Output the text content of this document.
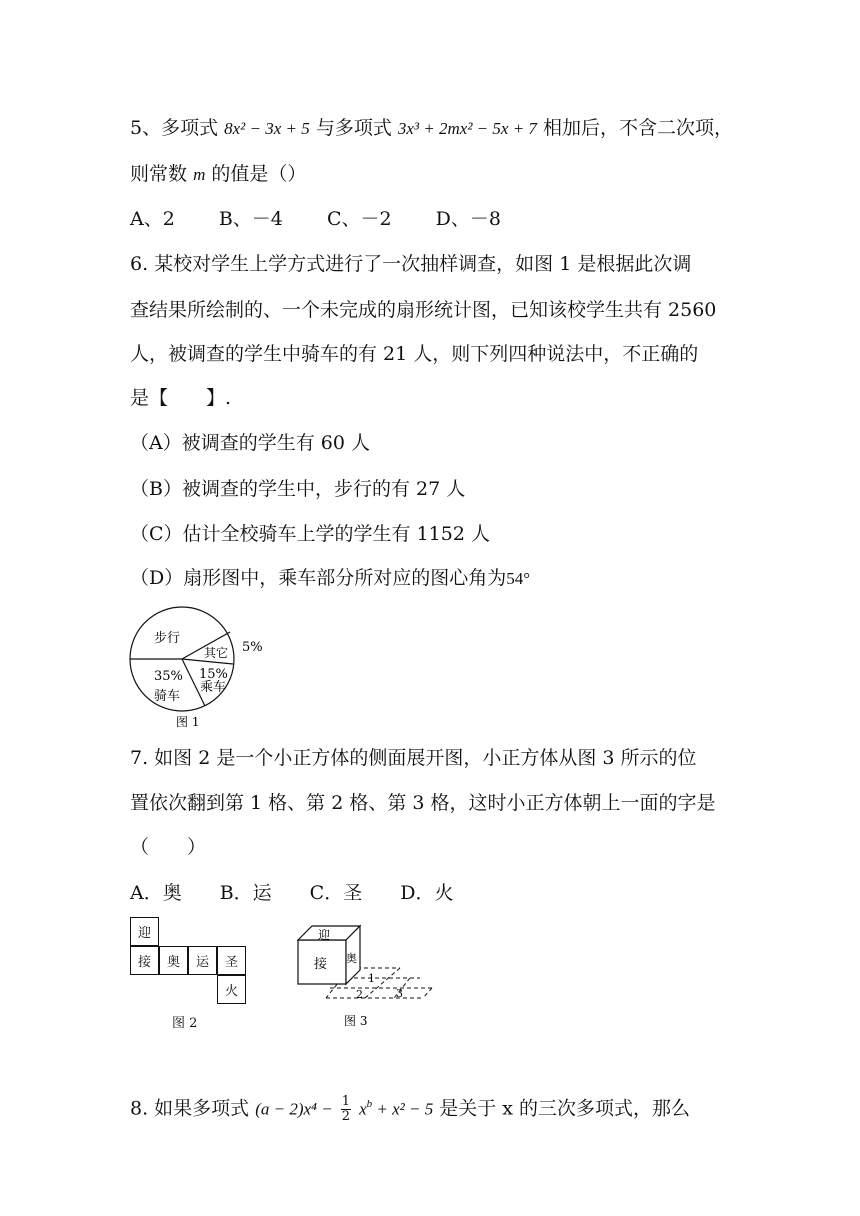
5、多项式 8x² − 3x + 5 与多项式 3x³ + 2mx² − 5x + 7 相加后，不含二次项，
则常数 m 的值是（）
A、2　　 B、－4　　 C、－2　　 D、－8
6. 某校对学生上学方式进行了一次抽样调查，如图 1 是根据此次调
查结果所绘制的、一个未完成的扇形统计图，已知该校学生共有 2560
人，被调查的学生中骑车的有 21 人，则下列四种说法中，不正确的
是【　　】.
（A）被调查的学生有 60 人
（B）被调查的学生中，步行的有 27 人
（C）估计全校骑车上学的学生有 1152 人
（D）扇形图中，乘车部分所对应的图心角为54°
步行
其它 5%
35%
骑车
15%
乘车
图 1
7. 如图 2 是一个小正方体的侧面展开图，小正方体从图 3 所示的位
置依次翻到第 1 格、第 2 格、第 3 格，这时小正方体朝上一面的字是
（　　）
A．奥　　B．运　　C．圣　　D．火
迎
接	奥	运	圣
火
图 2
迎
接 奥
1
2	3
图 3
8. 如果多项式 $(a - 2)x^4 - \frac{1}{2} x^b + x^2 - 5$ 是关于 x 的三次多项式，那么
